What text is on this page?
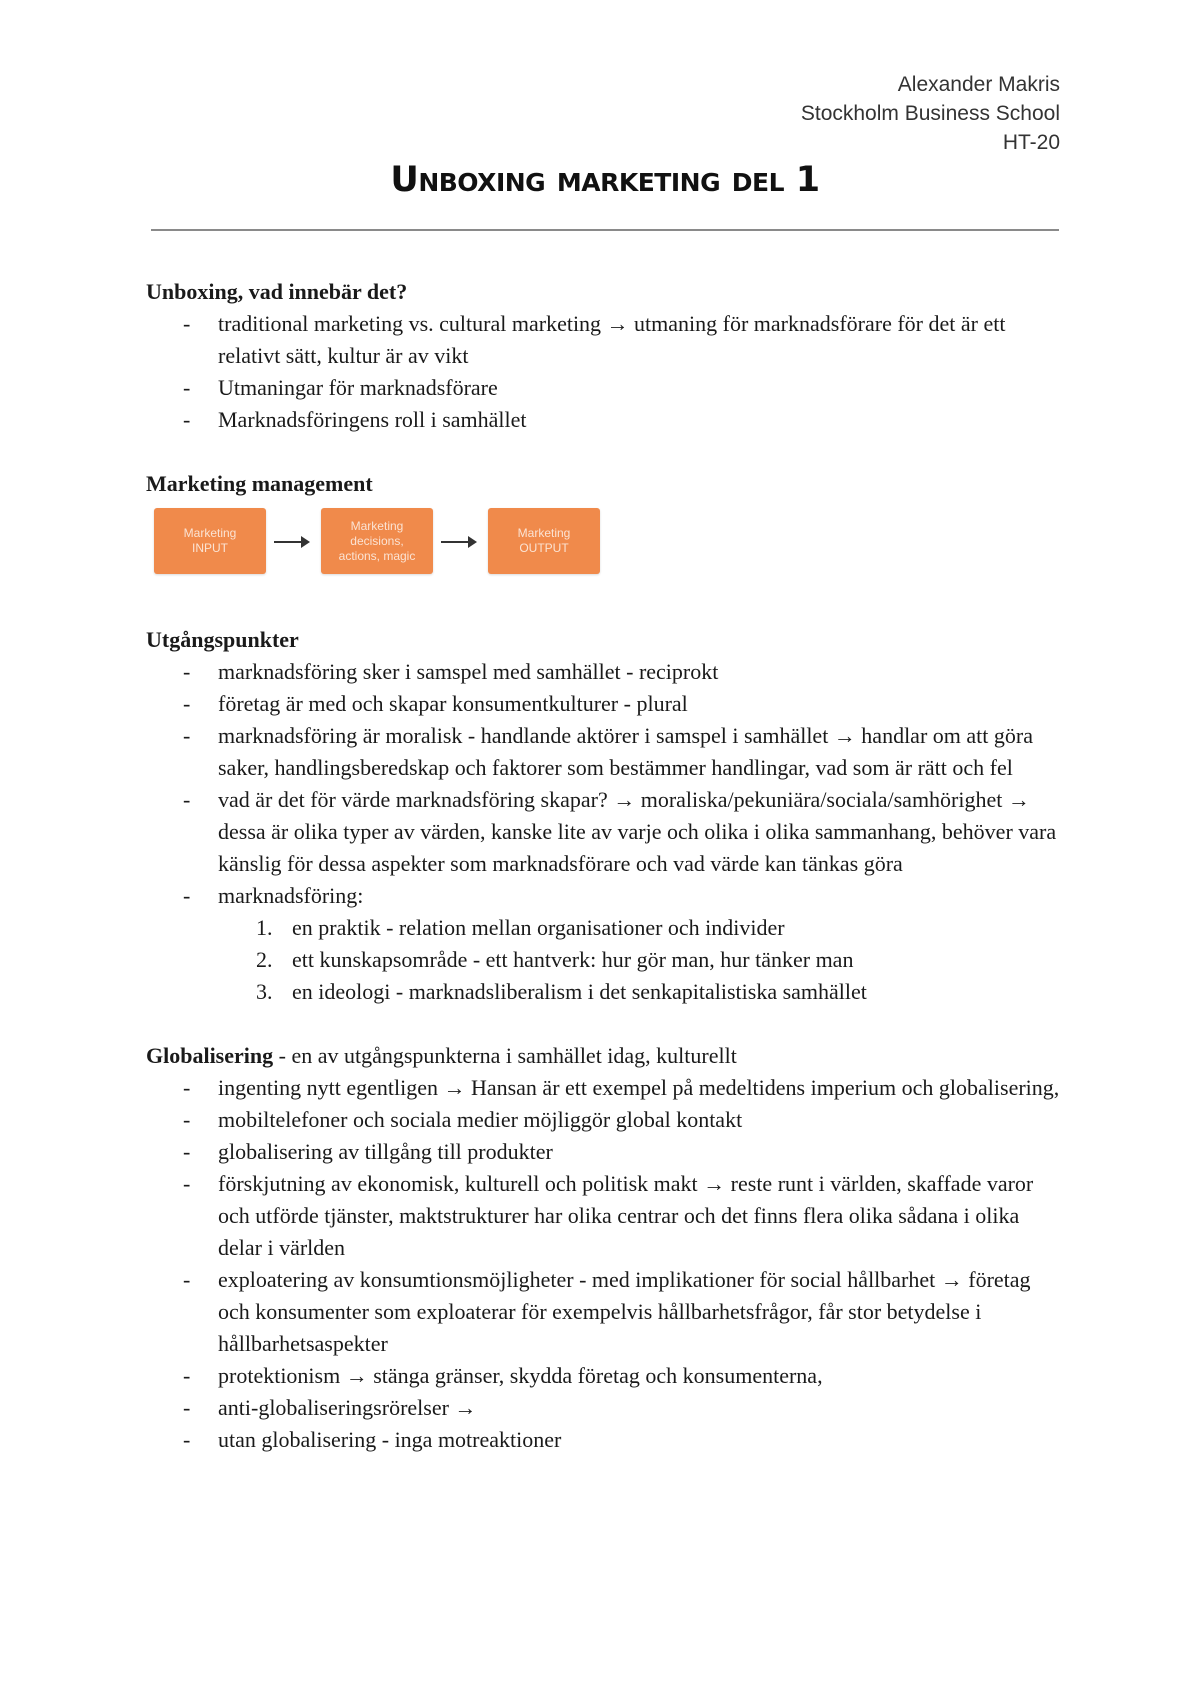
Alexander Makris
Stockholm Business School
HT-20
Unboxing marketing del 1

Unboxing, vad innebär det?

- traditional marketing vs. cultural marketing → utmaning för marknadsförare för det är ett relativt sätt, kultur är av vikt
- Utmaningar för marknadsförare
- Marknadsföringens roll i samhället

Marketing management

Marketing
INPUT
Marketing
decisions,
actions, magic
Marketing
OUTPUT

Utgångspunkter

- marknadsföring sker i samspel med samhället - reciprokt
- företag är med och skapar konsumentkulturer - plural
- marknadsföring är moralisk - handlande aktörer i samspel i samhället → handlar om att göra saker, handlingsberedskap och faktorer som bestämmer handlingar, vad som är rätt och fel
- vad är det för värde marknadsföring skapar? → moraliska/pekuniära/sociala/samhörighet → dessa är olika typer av värden, kanske lite av varje och olika i olika sammanhang, behöver vara känslig för dessa aspekter som marknadsförare och vad värde kan tänkas göra
- marknadsföring:
1. en praktik - relation mellan organisationer och individer
2. ett kunskapsområde - ett hantverk: hur gör man, hur tänker man
3. en ideologi - marknadsliberalism i det senkapitalistiska samhället

Globalisering - en av utgångspunkterna i samhället idag, kulturellt

- ingenting nytt egentligen → Hansan är ett exempel på medeltidens imperium och globalisering,
- mobiltelefoner och sociala medier möjliggör global kontakt
- globalisering av tillgång till produkter
- förskjutning av ekonomisk, kulturell och politisk makt → reste runt i världen, skaffade varor och utförde tjänster, maktstrukturer har olika centrar och det finns flera olika sådana i olika delar i världen
- exploatering av konsumtionsmöjligheter - med implikationer för social hållbarhet → företag och konsumenter som exploaterar för exempelvis hållbarhetsfrågor, får stor betydelse i hållbarhetsaspekter
- protektionism → stänga gränser, skydda företag och konsumenterna,
- anti-globaliseringsrörelser →
- utan globalisering - inga motreaktioner
